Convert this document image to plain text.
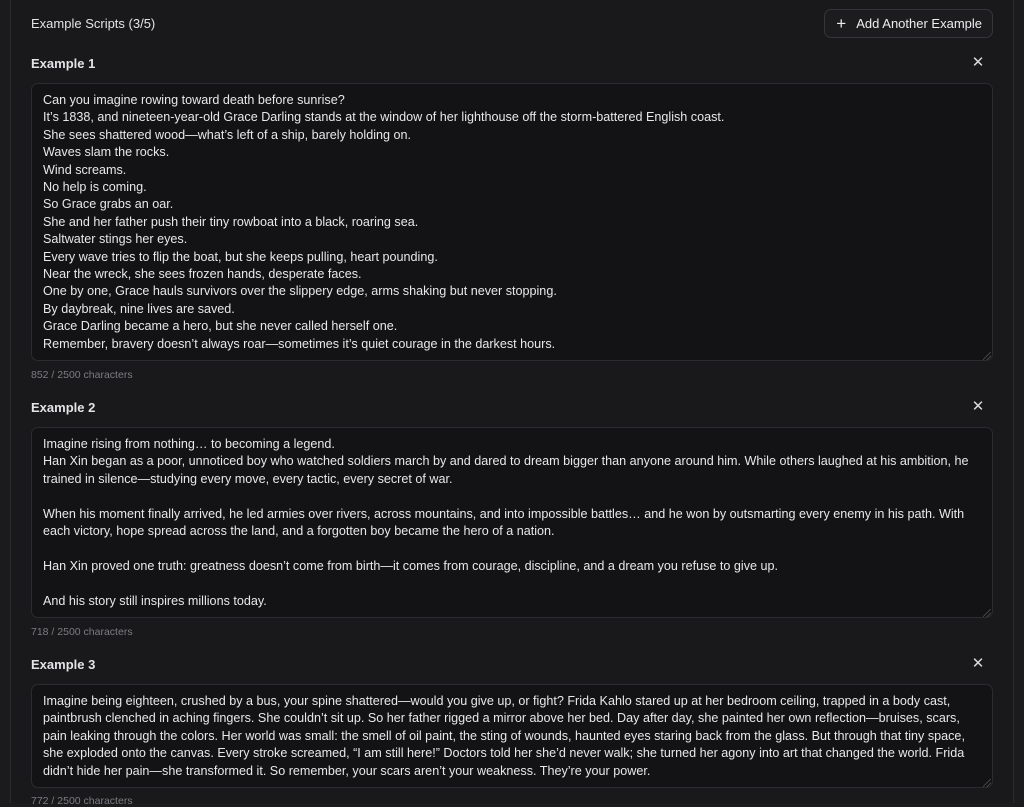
Example Scripts (3/5)	+ Add Another Example
Example 1	✕
Can you imagine rowing toward death before sunrise?
It’s 1838, and nineteen-year-old Grace Darling stands at the window of her lighthouse off the storm-battered English coast.
She sees shattered wood—what’s left of a ship, barely holding on.
Waves slam the rocks.
Wind screams.
No help is coming.
So Grace grabs an oar.
She and her father push their tiny rowboat into a black, roaring sea.
Saltwater stings her eyes.
Every wave tries to flip the boat, but she keeps pulling, heart pounding.
Near the wreck, she sees frozen hands, desperate faces.
One by one, Grace hauls survivors over the slippery edge, arms shaking but never stopping.
By daybreak, nine lives are saved.
Grace Darling became a hero, but she never called herself one.
Remember, bravery doesn’t always roar—sometimes it’s quiet courage in the darkest hours.
852 / 2500 characters
Example 2	✕
Imagine rising from nothing… to becoming a legend.
Han Xin began as a poor, unnoticed boy who watched soldiers march by and dared to dream bigger than anyone around him. While others laughed at his ambition, he trained in silence—studying every move, every tactic, every secret of war.

When his moment finally arrived, he led armies over rivers, across mountains, and into impossible battles… and he won by outsmarting every enemy in his path. With each victory, hope spread across the land, and a forgotten boy became the hero of a nation.

Han Xin proved one truth: greatness doesn’t come from birth—it comes from courage, discipline, and a dream you refuse to give up.

And his story still inspires millions today.
718 / 2500 characters
Example 3	✕
Imagine being eighteen, crushed by a bus, your spine shattered—would you give up, or fight? Frida Kahlo stared up at her bedroom ceiling, trapped in a body cast, paintbrush clenched in aching fingers. She couldn’t sit up. So her father rigged a mirror above her bed. Day after day, she painted her own reflection—bruises, scars, pain leaking through the colors. Her world was small: the smell of oil paint, the sting of wounds, haunted eyes staring back from the glass. But through that tiny space, she exploded onto the canvas. Every stroke screamed, “I am still here!” Doctors told her she’d never walk; she turned her agony into art that changed the world. Frida didn’t hide her pain—she transformed it. So remember, your scars aren’t your weakness. They’re your power.
772 / 2500 characters
